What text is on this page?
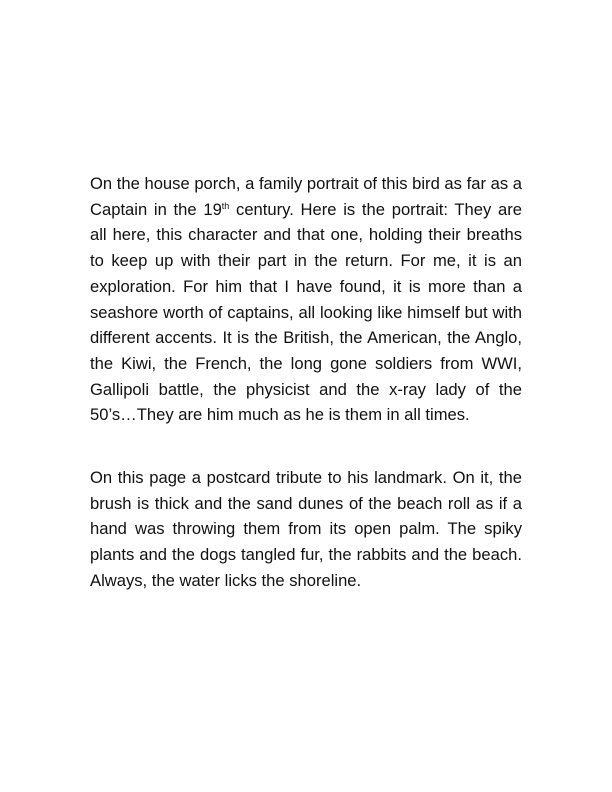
On the house porch, a family portrait of this bird as far as a Captain in the 19th century. Here is the portrait: They are all here, this character and that one, holding their breaths to keep up with their part in the return. For me, it is an exploration. For him that I have found, it is more than a seashore worth of captains, all looking like himself but with different accents. It is the British, the American, the Anglo, the Kiwi, the French, the long gone soldiers from WWI, Gallipoli battle, the physicist and the x-ray lady of the 50’s…They are him much as he is them in all times.

On this page a postcard tribute to his landmark. On it, the brush is thick and the sand dunes of the beach roll as if a hand was throwing them from its open palm. The spiky plants and the dogs tangled fur, the rabbits and the beach. Always, the water licks the shoreline.
